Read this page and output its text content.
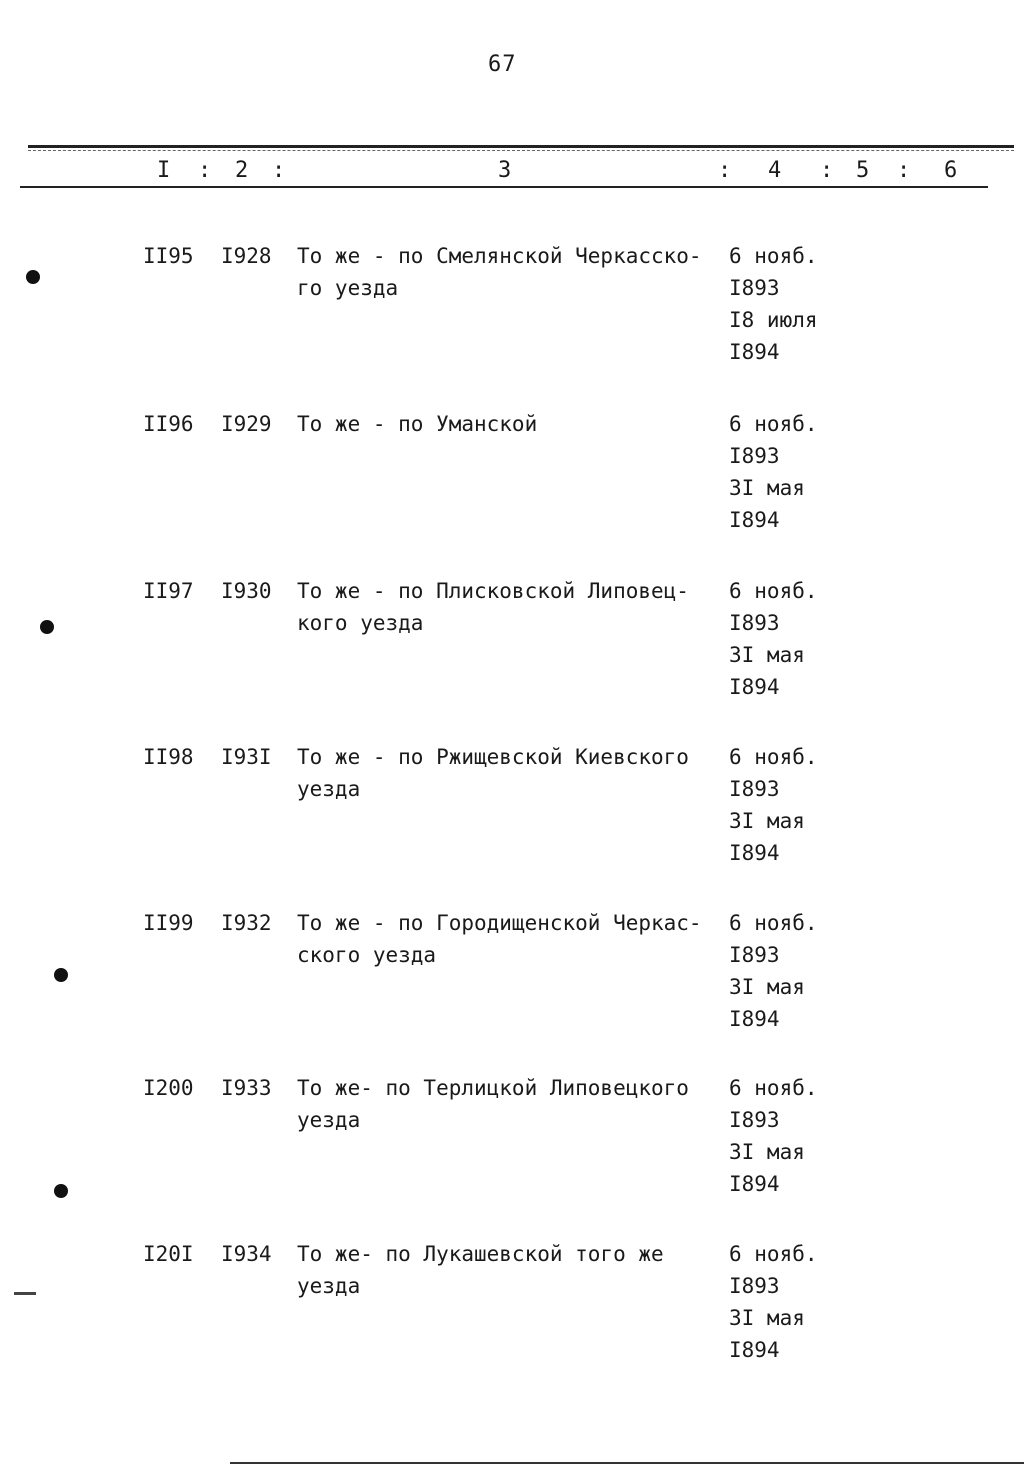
67
I : 2 :	3	: 4 : 5 : 6
II95 I928 То же - по Смелянской Черкасско-
го уезда
6 нояб.
I893
I8 июля
I894
II96 I929 То же - по Уманской	6 нояб.
I893
3I мая
I894
II97 I930 То же - по Плисковской Липовец-
кого уезда
6 нояб.
I893
3I мая
I894
II98 I93I То же - по Ржищевской Киевского
уезда
6 нояб.
I893
3I мая
I894
II99 I932 То же - по Городищенской Черкас-
ского уезда
6 нояб.
I893
3I мая
I894
I200 I933 То же- по Терлицкой Липовецкого
уезда
6 нояб.
I893
3I мая
I894
I20I I934 То же- по Лукашевской того же
уезда
6 нояб.
I893
3I мая
I894
